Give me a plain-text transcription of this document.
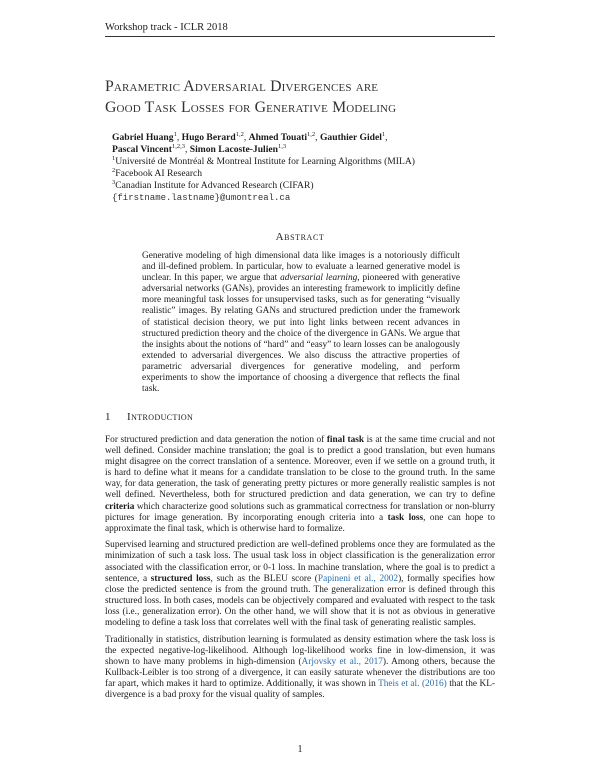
Workshop track - ICLR 2018
Parametric Adversarial Divergences are
Good Task Losses for Generative Modeling
Gabriel Huang$^1$, Hugo Berard$^{1,2}$, Ahmed Touati$^{1,2}$, Gauthier Gidel$^1$,
Pascal Vincent$^{1,2,3}$, Simon Lacoste-Julien$^{1,3}$
$^1$Université de Montréal & Montreal Institute for Learning Algorithms (MILA)
$^2$Facebook AI Research
$^3$Canadian Institute for Advanced Research (CIFAR)
{firstname.lastname}@umontreal.ca
Abstract
Generative modeling of high dimensional data like images is a notoriously difficult and ill-defined problem. In particular, how to evaluate a learned generative model is unclear. In this paper, we argue that adversarial learning, pioneered with generative adversarial networks (GANs), provides an interesting framework to implicitly define more meaningful task losses for unsupervised tasks, such as for generating “visually realistic” images. By relating GANs and structured prediction under the framework of statistical decision theory, we put into light links between recent advances in structured prediction theory and the choice of the divergence in GANs. We argue that the insights about the notions of “hard” and “easy” to learn losses can be analogously extended to adversarial divergences. We also discuss the attractive properties of parametric adversarial divergences for generative modeling, and perform experiments to show the importance of choosing a divergence that reflects the final task.
1 Introduction

For structured prediction and data generation the notion of final task is at the same time crucial and not well defined. Consider machine translation; the goal is to predict a good translation, but even humans might disagree on the correct translation of a sentence. Moreover, even if we settle on a ground truth, it is hard to define what it means for a candidate translation to be close to the ground truth. In the same way, for data generation, the task of generating pretty pictures or more generally realistic samples is not well defined. Nevertheless, both for structured prediction and data generation, we can try to define criteria which characterize good solutions such as grammatical correctness for translation or non-blurry pictures for image generation. By incorporating enough criteria into a task loss, one can hope to approximate the final task, which is otherwise hard to formalize.

Supervised learning and structured prediction are well-defined problems once they are formulated as the minimization of such a task loss. The usual task loss in object classification is the generalization error associated with the classification error, or 0-1 loss. In machine translation, where the goal is to predict a sentence, a structured loss, such as the BLEU score (Papineni et al., 2002), formally specifies how close the predicted sentence is from the ground truth. The generalization error is defined through this structured loss. In both cases, models can be objectively compared and evaluated with respect to the task loss (i.e., generalization error). On the other hand, we will show that it is not as obvious in generative modeling to define a task loss that correlates well with the final task of generating realistic samples.

Traditionally in statistics, distribution learning is formulated as density estimation where the task loss is the expected negative-log-likelihood. Although log-likelihood works fine in low-dimension, it was shown to have many problems in high-dimension (Arjovsky et al., 2017). Among others, because the Kullback-Leibler is too strong of a divergence, it can easily saturate whenever the distributions are too far apart, which makes it hard to optimize. Additionally, it was shown in Theis et al. (2016) that the KL-divergence is a bad proxy for the visual quality of samples.

1
